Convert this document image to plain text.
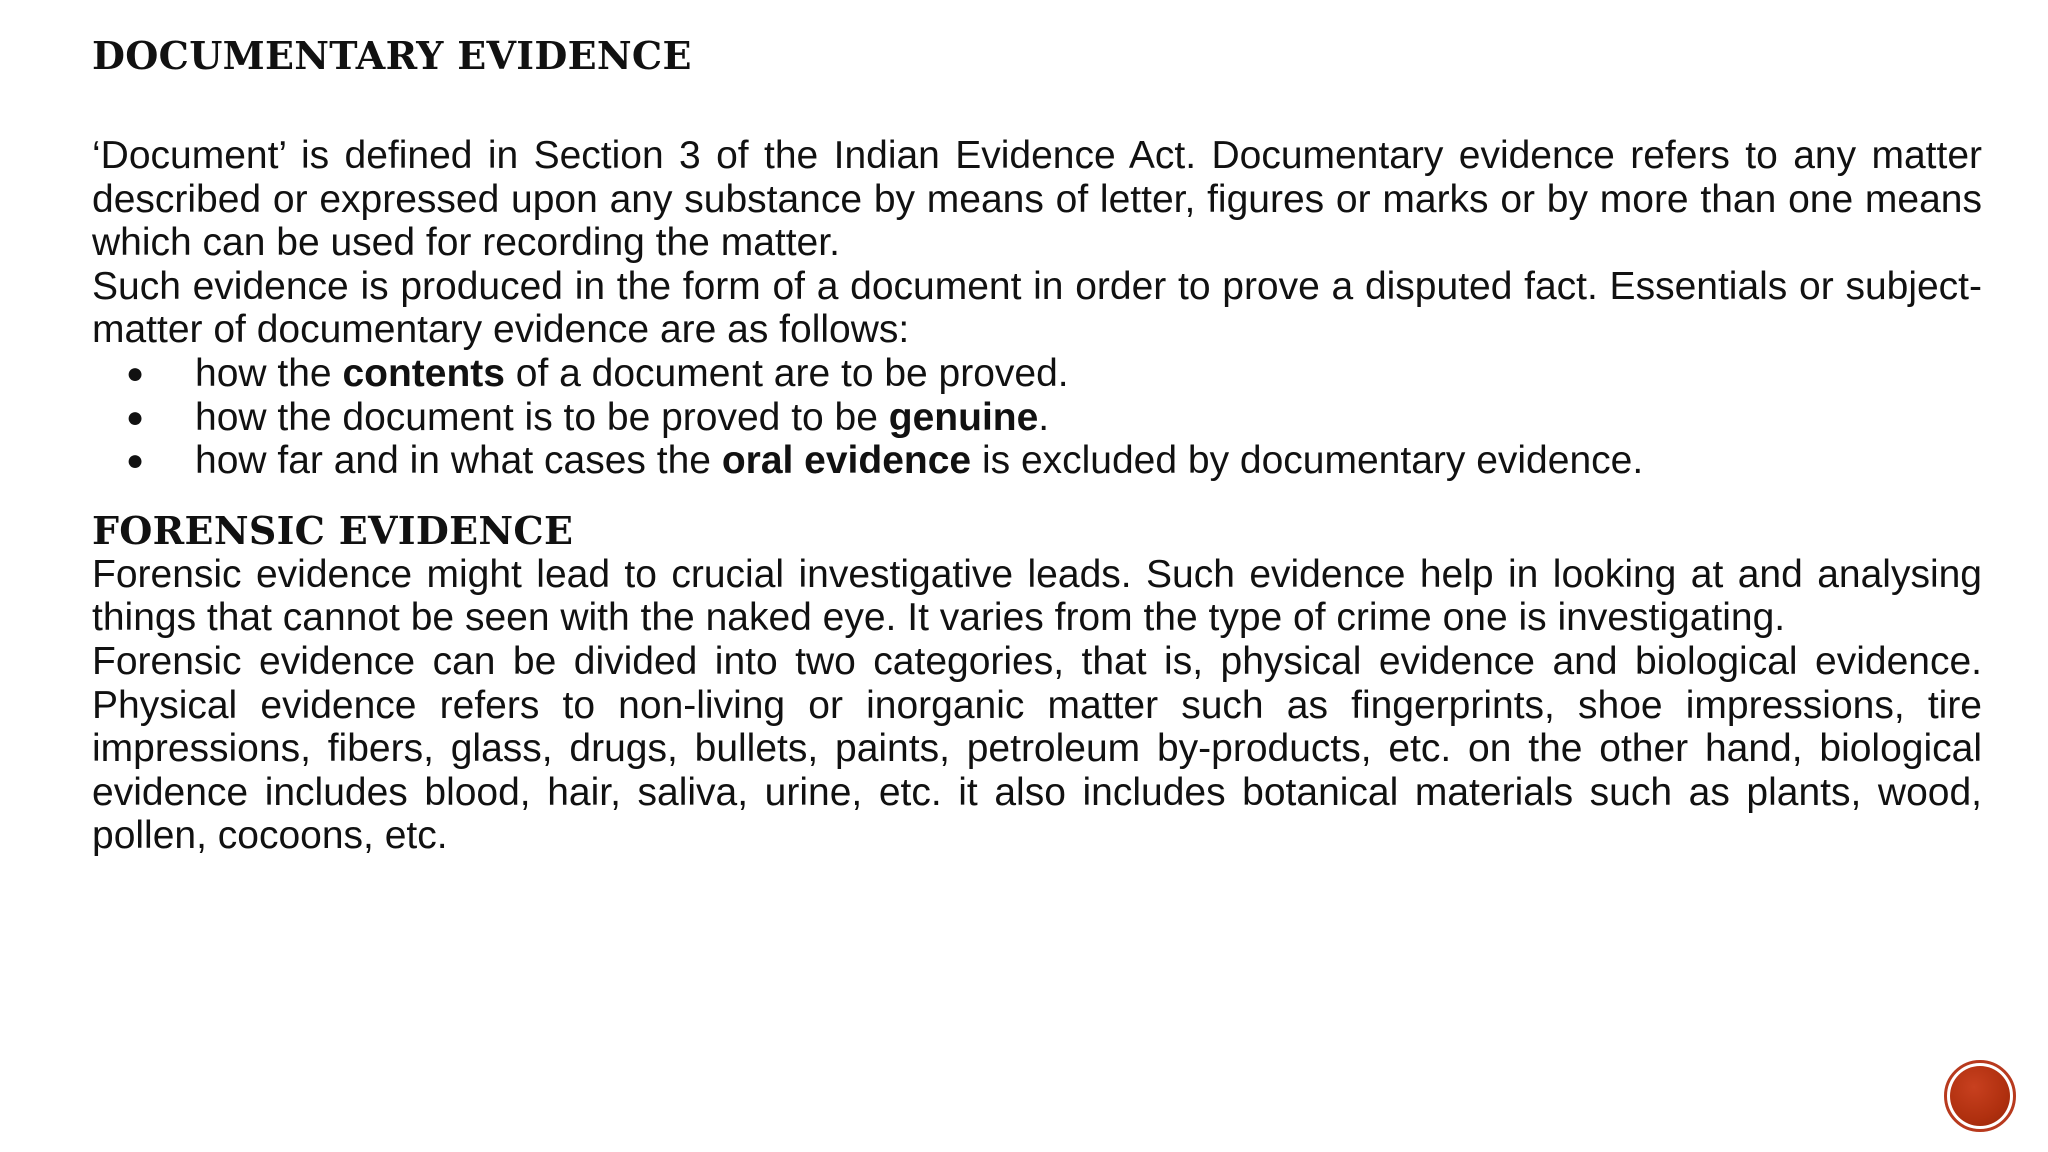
DOCUMENTARY EVIDENCE

‘Document’ is defined in Section 3 of the Indian Evidence Act. Documentary evidence refers to any matter described or expressed upon any substance by means of letter, figures or marks or by more than one means which can be used for recording the matter.

Such evidence is produced in the form of a document in order to prove a disputed fact. Essentials or subject-matter of documentary evidence are as follows:

● how the contents of a document are to be proved.
● how the document is to be proved to be genuine.
● how far and in what cases the oral evidence is excluded by documentary evidence.
FORENSIC EVIDENCE

Forensic evidence might lead to crucial investigative leads. Such evidence help in looking at and analysing things that cannot be seen with the naked eye. It varies from the type of crime one is investigating.

Forensic evidence can be divided into two categories, that is, physical evidence and biological evidence. Physical evidence refers to non-living or inorganic matter such as fingerprints, shoe impressions, tire impressions, fibers, glass, drugs, bullets, paints, petroleum by-products, etc. on the other hand, biological evidence includes blood, hair, saliva, urine, etc. it also includes botanical materials such as plants, wood, pollen, cocoons, etc.
